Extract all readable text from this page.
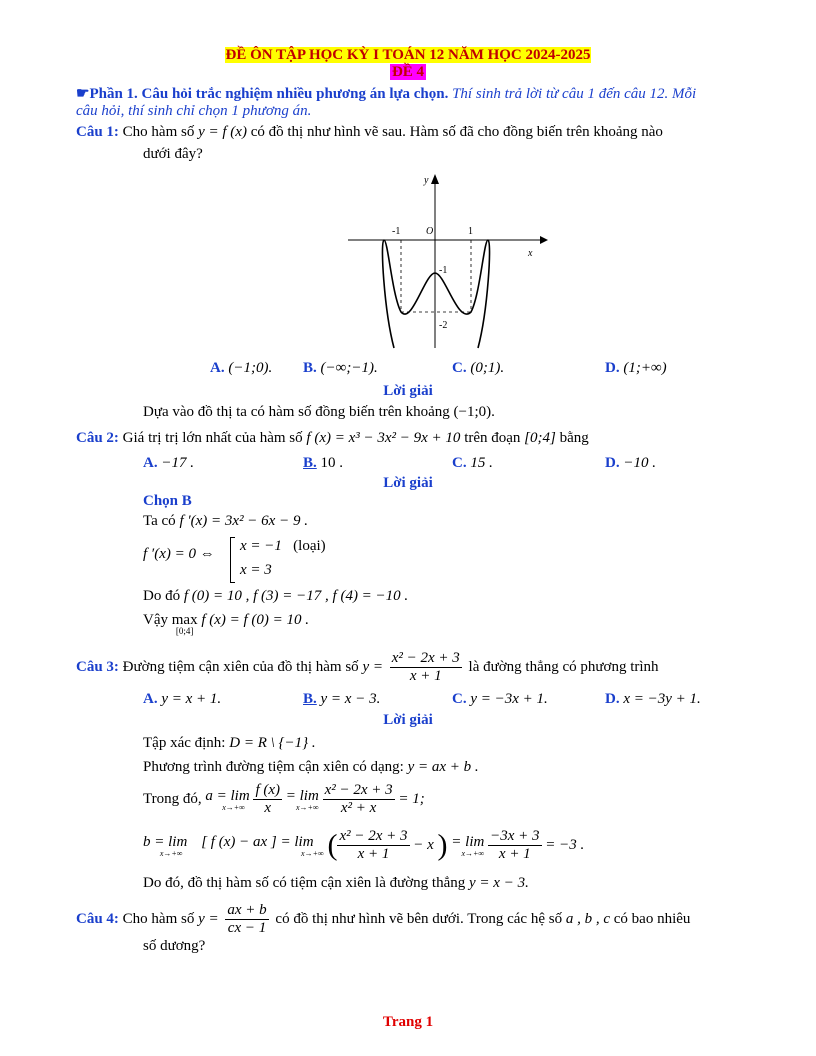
ĐỀ ÔN TẬP HỌC KỲ I TOÁN 12 NĂM HỌC 2024-2025
ĐỀ 4
☛Phần 1. Câu hỏi trắc nghiệm nhiều phương án lựa chọn. Thí sinh trả lời từ câu 1 đến câu 12. Mỗi
câu hỏi, thí sinh chỉ chọn 1 phương án.
Câu 1: Cho hàm số y = f (x) có đồ thị như hình vẽ sau. Hàm số đã cho đồng biến trên khoảng nào
dưới đây?
y
x
O
-1	1
-1
-2
A. (−1;0). B. (−∞;−1).	C. (0;1).	D. (1;+∞)
Lời giải
Dựa vào đồ thị ta có hàm số đồng biến trên khoảng (−1;0).
Câu 2: Giá trị trị lớn nhất của hàm số f (x) = x³ − 3x² − 9x + 10 trên đoạn [0;4] bằng
A. −17 .	B. 10 .	C. 15 .	D. −10 .
Lời giải
Chọn B
Ta có f ′(x) = 3x² − 6x − 9 .
f ′(x) = 0 ⇔ x = −1 (loại)
x = 3
Do đó f (0) = 10 , f (3) = −17 , f (4) = −10 .
Vậy max
[0;4]
f (x) = f (0) = 10 .
Câu 3: Đường tiệm cận xiên của đồ thị hàm số $y = \frac{\text{x² − 2x + 3}}{x + 1}$ là đường thẳng có phương trình
A. y = x + 1.	B. y = x − 3.	C. y = −3x + 1.	D. x = −3y + 1.
Lời giải
Tập xác định: D = R \ {−1} .
Phương trình đường tiệm cận xiên có dạng: y = ax + b .
Trong đó, a = lim
x→+∞
$\frac{f (x)}{x}$
= lim
x→+∞
$\frac{\text{x² − 2x + 3}}{\text{x² + x}} = 1$;
b = lim
x→+∞

[ f (x) − ax ] = lim
x→+∞ ( $\frac{\text{x² − 2x + 3}}{x + 1} - x$ ) = lim
x→+∞
$\frac{-3x + 3}{x + 1} = -3$ .
Do đó, đồ thị hàm số có tiệm cận xiên là đường thẳng y = x − 3.
Câu 4: Cho hàm số $y = \frac{ax + b}{cx - 1}$ có đồ thị như hình vẽ bên dưới. Trong các hệ số a , b , c có bao nhiêu
số dương?
Trang 1
